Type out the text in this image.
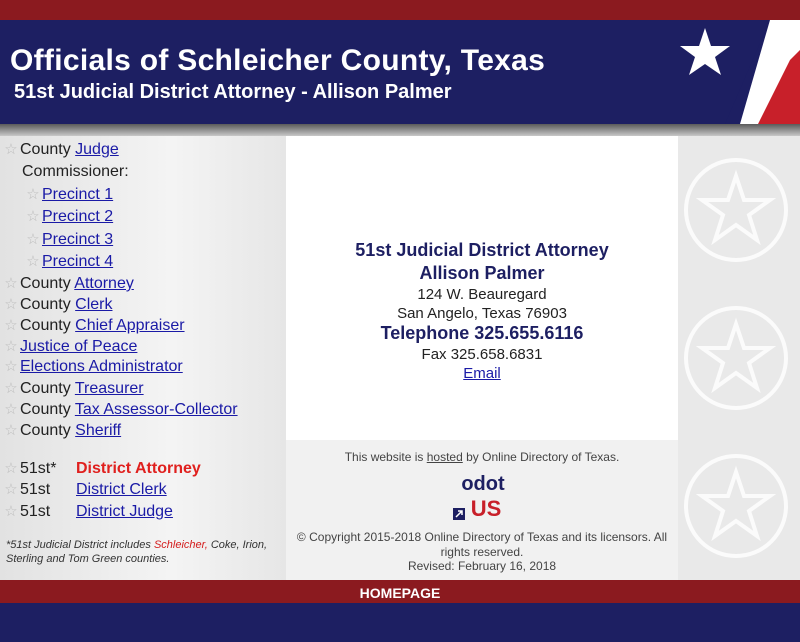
Officials of Schleicher County, Texas
51st Judicial District Attorney - Allison Palmer
☆ County Judge
Commissioner:
☆ Precinct 1
☆ Precinct 2
☆ Precinct 3
☆ Precinct 4
☆ County Attorney
☆ County Clerk
☆ County Chief Appraiser
☆ Justice of Peace
☆ Elections Administrator
☆ County Treasurer
☆ County Tax Assessor-Collector
☆ County Sheriff
☆ 51st* District Attorney
☆ 51st District Clerk
☆ 51st District Judge
*51st Judicial District includes Schleicher, Coke, Irion, Sterling and Tom Green counties.
51st Judicial District Attorney
Allison Palmer
124 W. Beauregard
San Angelo, Texas 76903
Telephone 325.655.6116
Fax 325.658.6831
Email
This website is hosted by Online Directory of Texas.
odot
US
© Copyright 2015-2018 Online Directory of Texas and its licensors. All
rights reserved.
Revised: February 16, 2018
HOMEPAGE
